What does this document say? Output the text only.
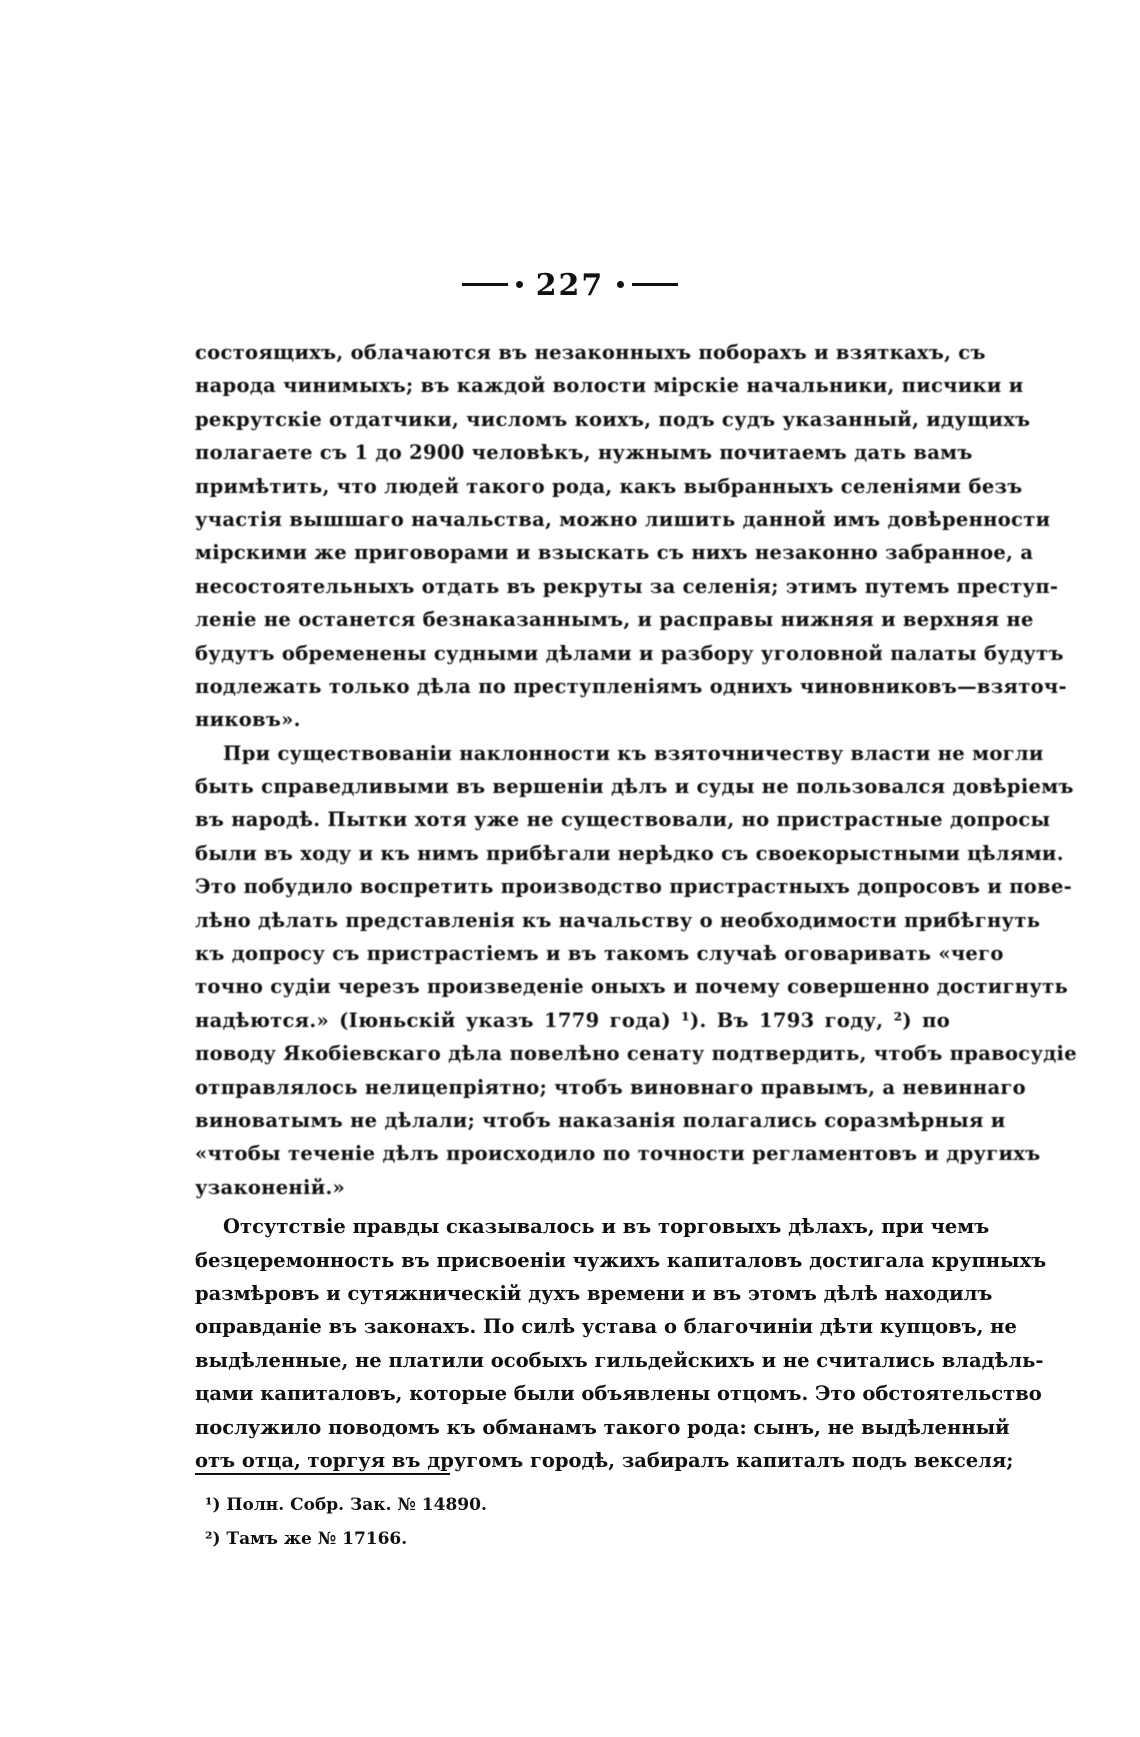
227
состоящихъ, облачаются въ незаконныхъ поборахъ и взяткахъ, съ
народа чинимыхъ; въ каждой волости мірскіе начальники, писчики и
рекрутскіе отдатчики, числомъ коихъ, подъ судъ указанный, идущихъ
полагаете съ 1 до 2900 человѣкъ, нужнымъ почитаемъ дать вамъ
примѣтить, что людей такого рода, какъ выбранныхъ селеніями безъ
участія вышшаго начальства, можно лишить данной имъ довѣренности
мірскими же приговорами и взыскать съ нихъ незаконно забранное, а
несостоятельныхъ отдать въ рекруты за селенія; этимъ путемъ преступ-
леніе не останется безнаказаннымъ, и расправы нижняя и верхняя не
будутъ обременены судными дѣлами и разбору уголовной палаты будутъ
подлежать только дѣла по преступленіямъ однихъ чиновниковъ—взяточ-
никовъ».
При существованіи наклонности къ взяточничеству власти не могли
быть справедливыми въ вершеніи дѣлъ и суды не пользовался довѣріемъ
въ народѣ. Пытки хотя уже не существовали, но пристрастные допросы
были въ ходу и къ нимъ прибѣгали нерѣдко съ своекорыстными цѣлями.
Это побудило воспретить производство пристрастныхъ допросовъ и пове-
лѣно дѣлать представленія къ начальству о необходимости прибѣгнуть
къ допросу съ пристрастіемъ и въ такомъ случаѣ оговаривать «чего
точно судіи черезъ произведеніе оныхъ и почему совершенно достигнуть
надѣются.» (Іюньскій указъ 1779 года) ¹). Въ 1793 году, ²) по
поводу Якобіевскаго дѣла повелѣно сенату подтвердить, чтобъ правосудіе
отправлялось нелицепріятно; чтобъ виновнаго правымъ, а невиннаго
виноватымъ не дѣлали; чтобъ наказанія полагались соразмѣрныя и
«чтобы теченіе дѣлъ происходило по точности регламентовъ и другихъ
узаконеній.»
Отсутствіе правды сказывалось и въ торговыхъ дѣлахъ, при чемъ
безцеремонность въ присвоеніи чужихъ капиталовъ достигала крупныхъ
размѣровъ и сутяжническій духъ времени и въ этомъ дѣлѣ находилъ
оправданіе въ законахъ. По силѣ устава о благочиніи дѣти купцовъ, не
выдѣленные, не платили особыхъ гильдейскихъ и не считались владѣль-
цами капиталовъ, которые были объявлены отцомъ. Это обстоятельство
послужило поводомъ къ обманамъ такого рода: сынъ, не выдѣленный
отъ отца, торгуя въ другомъ городѣ, забиралъ капиталъ подъ векселя;
¹) Полн. Собр. Зак. № 14890.
²) Тамъ же № 17166.
